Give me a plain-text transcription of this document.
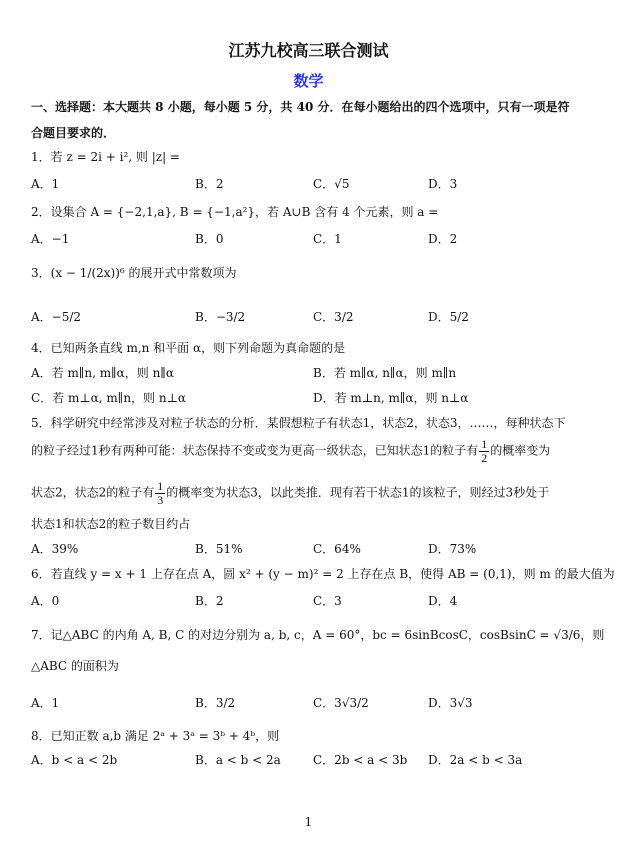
江苏九校高三联合测试
数学
一、选择题：本大题共 8 小题，每小题 5 分，共 40 分．在每小题给出的四个选项中，只有一项是符
合题目要求的．
1．若 z = 2i + i², 则 |z| =
A．1	B．2	C．√5	D．3
2．设集合 A = {−2,1,a}, B = {−1,a²}，若 A∪B 含有 4 个元素，则 a =
A．−1	B．0	C．1	D．2
3．(x − 1/(2x))⁶ 的展开式中常数项为
A．−5/2	B．−3/2	C．3/2	D．5/2
4．已知两条直线 m,n 和平面 α，则下列命题为真命题的是
A．若 m∥n, m∥α，则 n∥α	B．若 m∥α, n∥α，则 m∥n
C．若 m⊥α, m∥n，则 n⊥α	D．若 m⊥n, m∥α，则 n⊥α
5．科学研究中经常涉及对粒子状态的分析．某假想粒子有状态1，状态2，状态3，……，每种状态下
的粒子经过1秒有两种可能：状态保持不变或变为更高一级状态，已知状态1的粒子有 $\frac{1}{2}$ 的概率变为
状态2，状态2的粒子有 $\frac{1}{3}$ 的概率变为状态3，以此类推．现有若干状态1的该粒子，则经过3秒处于
状态1和状态2的粒子数目约占
A．39%	B．51%	C．64%	D．73%
6．若直线 y = x + 1 上存在点 A，圆 x² + (y − m)² = 2 上存在点 B，使得 AB = (0,1)，则 m 的最大值为
A．0	B．2	C．3	D．4
7．记△ABC 的内角 A, B, C 的对边分别为 a, b, c，A = 60°，bc = 6sinBcosC，cosBsinC = √3/6，则
△ABC 的面积为
A．1	B．3/2	C．3√3/2	D．3√3
8．已知正数 a,b 满足 2ᵃ + 3ᵃ = 3ᵇ + 4ᵇ，则
A．b < a < 2b	B．a < b < 2a	C．2b < a < 3b D．2a < b < 3a
1
